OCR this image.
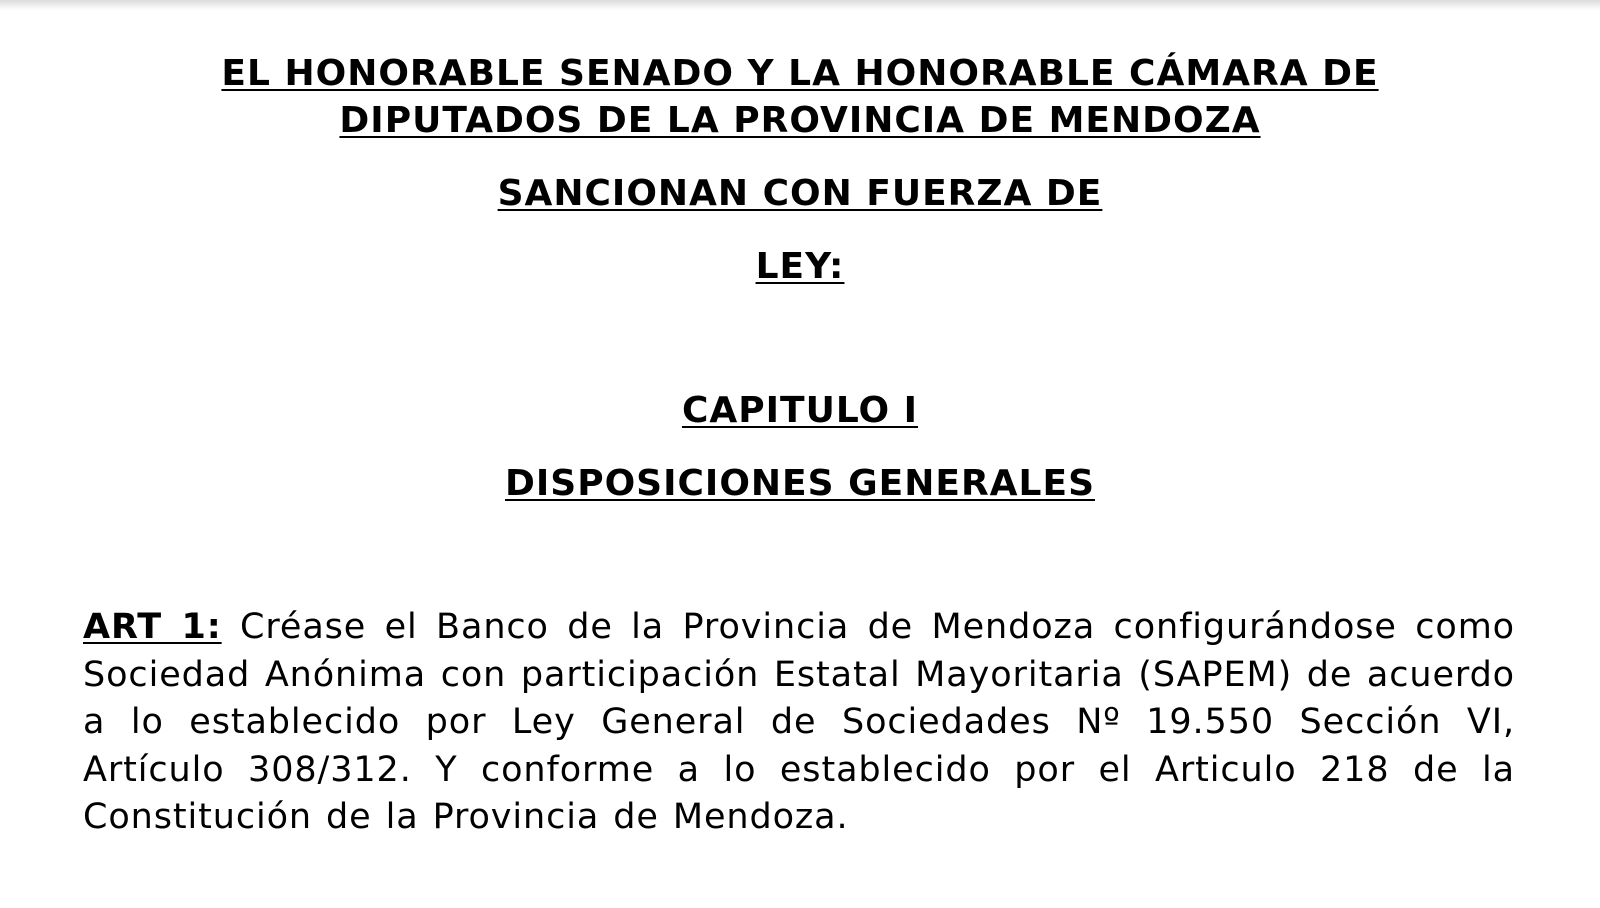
EL HONORABLE SENADO Y LA HONORABLE CÁMARA DE
DIPUTADOS DE LA PROVINCIA DE MENDOZA

SANCIONAN CON FUERZA DE

LEY:

CAPITULO I
DISPOSICIONES GENERALES

ART 1: Créase el Banco de la Provincia de Mendoza configurándose como Sociedad Anónima con participación Estatal Mayoritaria (SAPEM) de acuerdo a lo establecido por Ley General de Sociedades Nº 19.550 Sección VI, Artículo 308/312. Y conforme a lo establecido por el Articulo 218 de la Constitución de la Provincia de Mendoza.
